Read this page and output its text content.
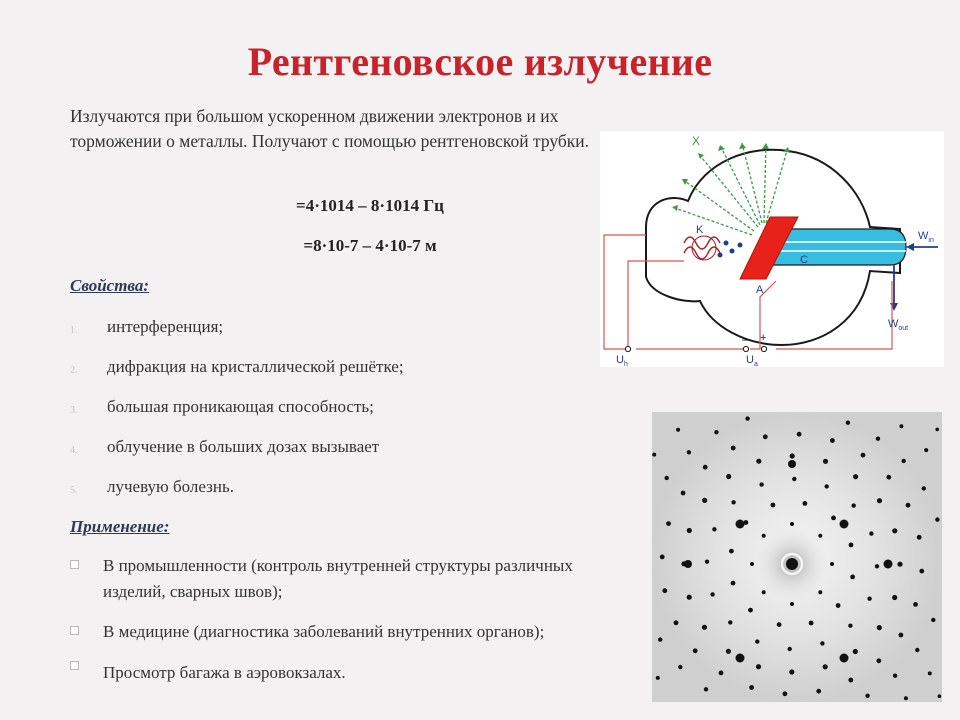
Рентгеновское излучение
Излучаются при большом ускоренном движении электронов и их торможении о металлы. Получают с помощью рентгеновской трубки.
=4·1014 – 8·1014 Гц
=8·10-7 – 4·10-7 м
Свойства:
1. интерференция;
2. дифракция на кристаллической решётке;
3. большая проникающая способность;
4. облучение в больших дозах вызывает
5. лучевую болезнь.
Применение:
В промышленности (контроль внутренней структуры различных изделий, сварных швов);
В медицине (диагностика заболеваний внутренних органов);
Просмотр багажа в аэровокзалах.
X
K
A
C
$W_{in}$
$W_{out}$
$U_h$	$U_a$
– +
